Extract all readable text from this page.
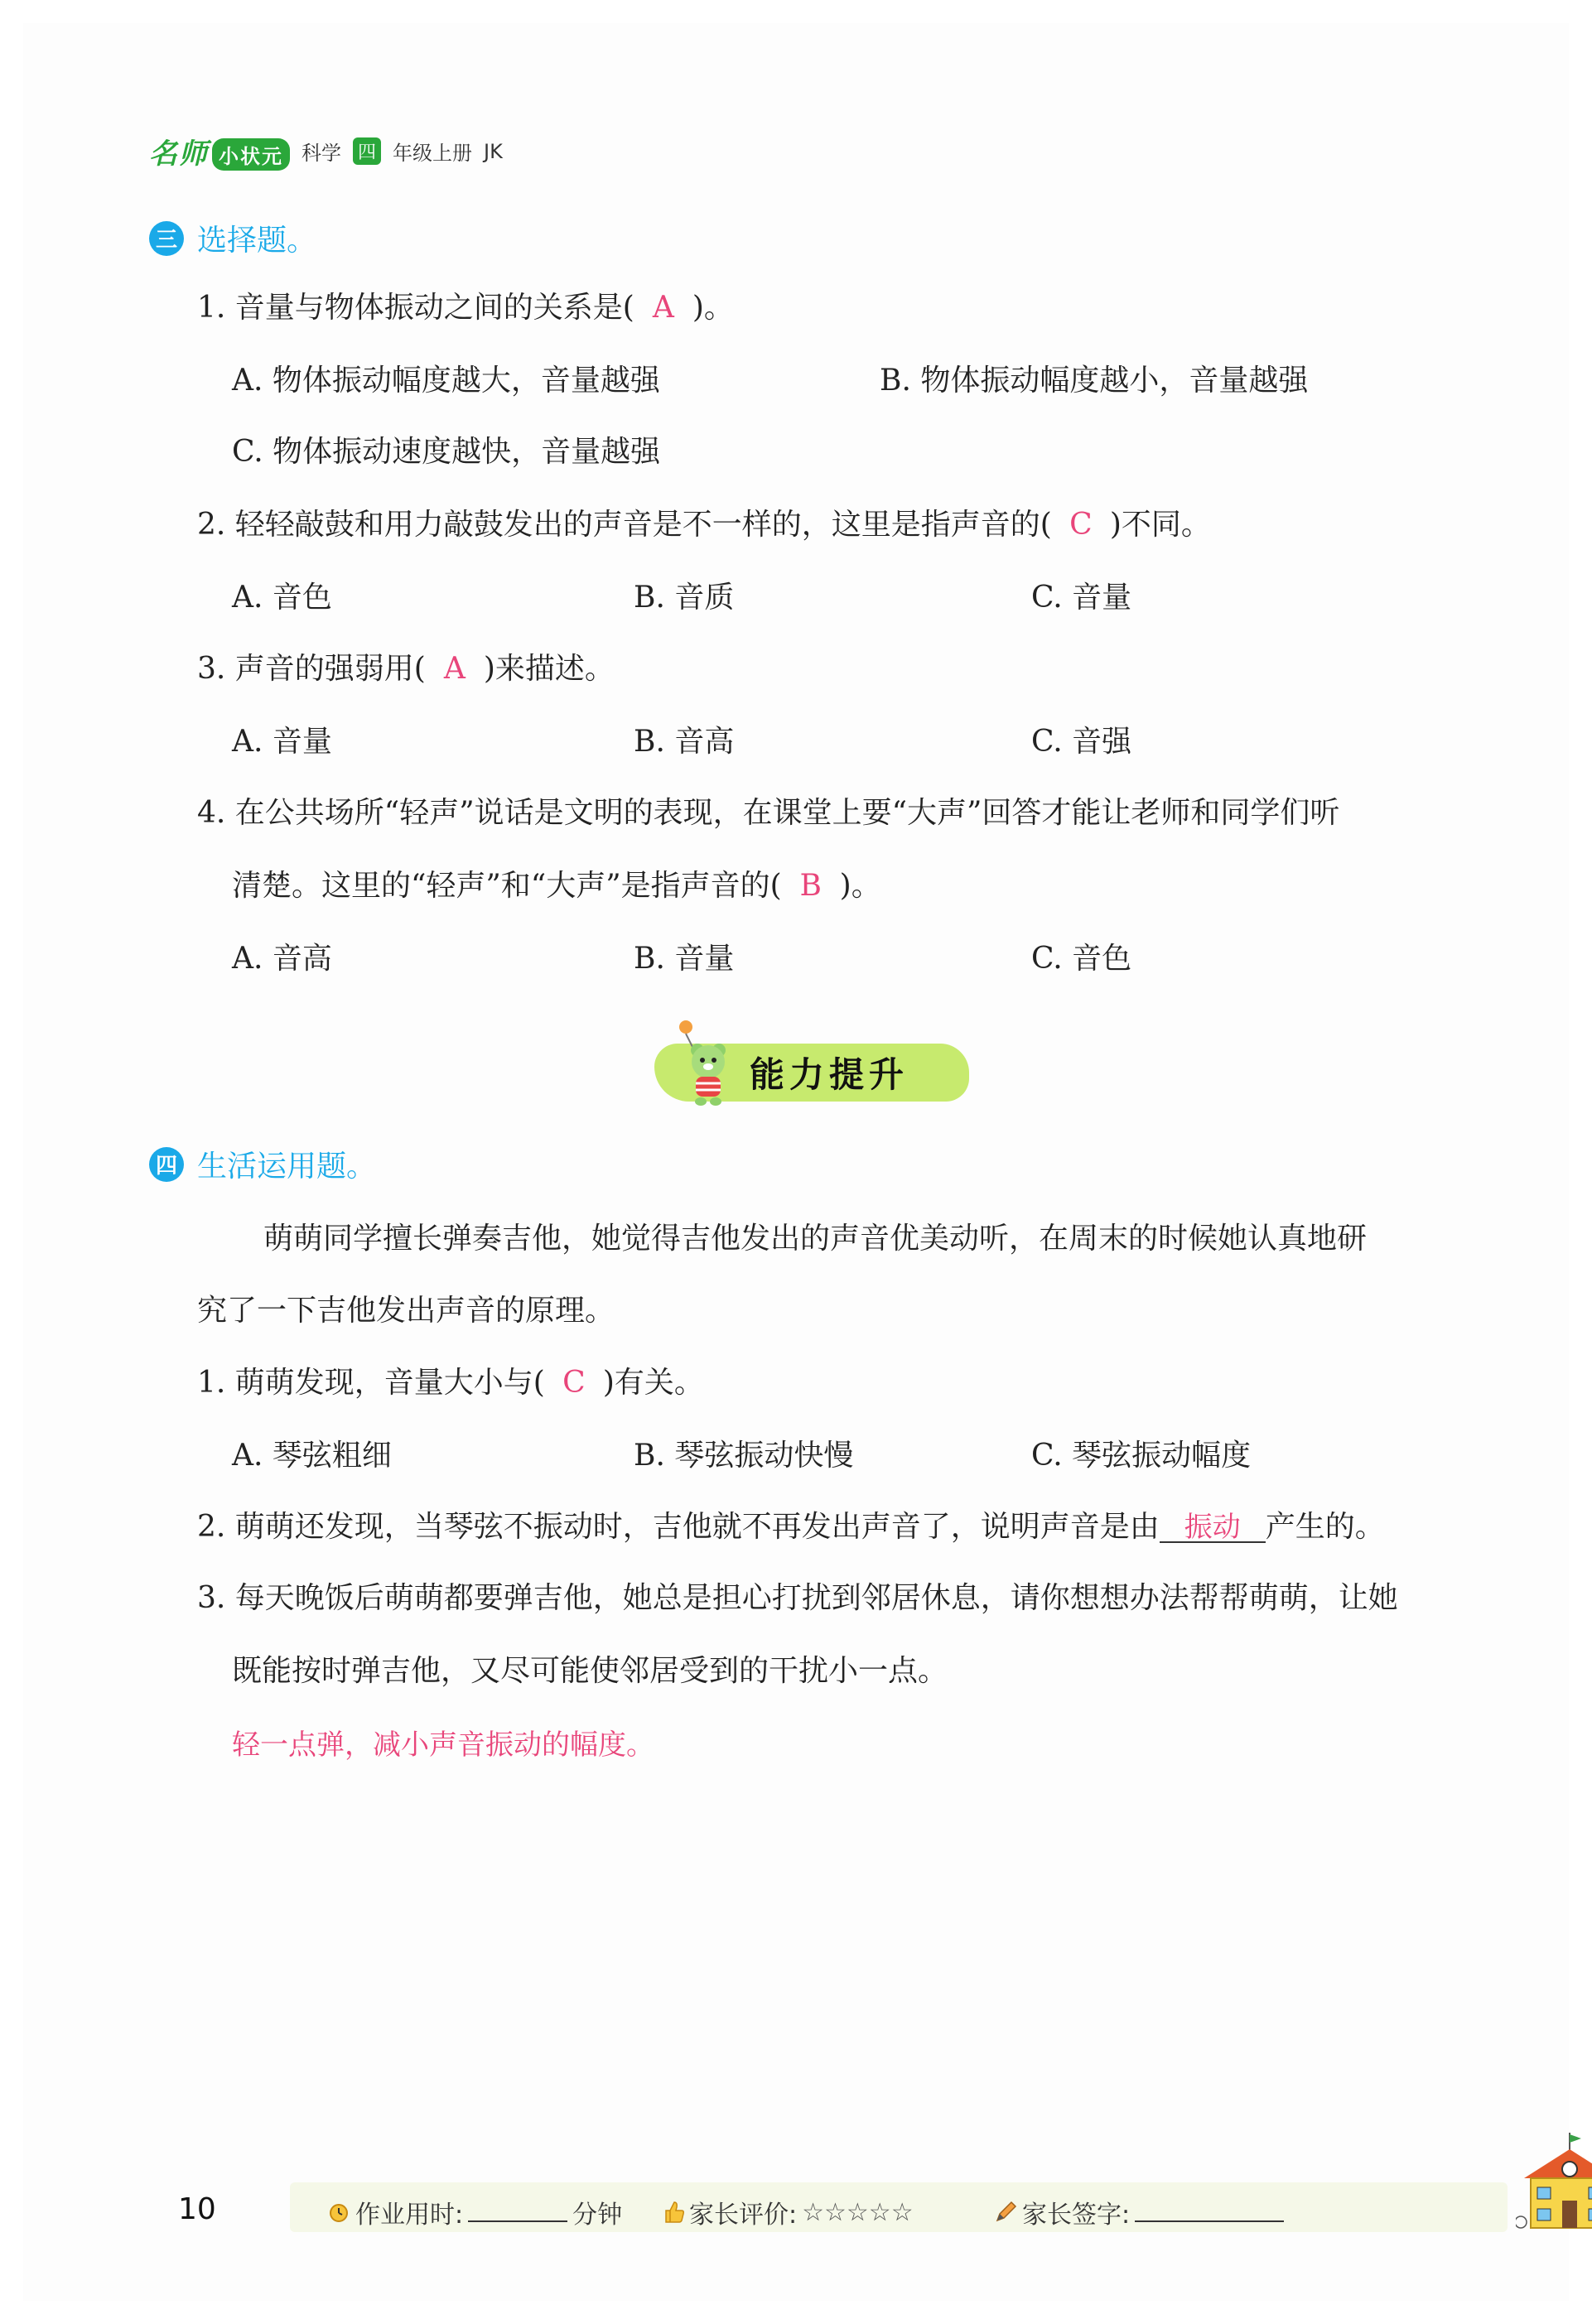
名师 小状元 科学 四 年级上册 JK
三 选择题。
1. 音量与物体振动之间的关系是( A )。
A. 物体振动幅度越大，音量越强	B. 物体振动幅度越小，音量越强
C. 物体振动速度越快，音量越强
2. 轻轻敲鼓和用力敲鼓发出的声音是不一样的，这里是指声音的( C )不同。
A. 音色	B. 音质	C. 音量
3. 声音的强弱用( A )来描述。
A. 音量	B. 音高	C. 音强
4. 在公共场所“轻声”说话是文明的表现，在课堂上要“大声”回答才能让老师和同学们听
清楚。这里的“轻声”和“大声”是指声音的( B )。
A. 音高	B. 音量	C. 音色
能力提升
四 生活运用题。
萌萌同学擅长弹奏吉他，她觉得吉他发出的声音优美动听，在周末的时候她认真地研
究了一下吉他发出声音的原理。
1. 萌萌发现，音量大小与( C )有关。
A. 琴弦粗细	B. 琴弦振动快慢	C. 琴弦振动幅度
2. 萌萌还发现，当琴弦不振动时，吉他就不再发出声音了，说明声音是由 振动 产生的。
3. 每天晚饭后萌萌都要弹吉他，她总是担心打扰到邻居休息，请你想想办法帮帮萌萌，让她
既能按时弹吉他，又尽可能使邻居受到的干扰小一点。
轻一点弹，减小声音振动的幅度。
10	作业用时:	分钟	家长评价: ☆☆☆☆☆	家长签字:
